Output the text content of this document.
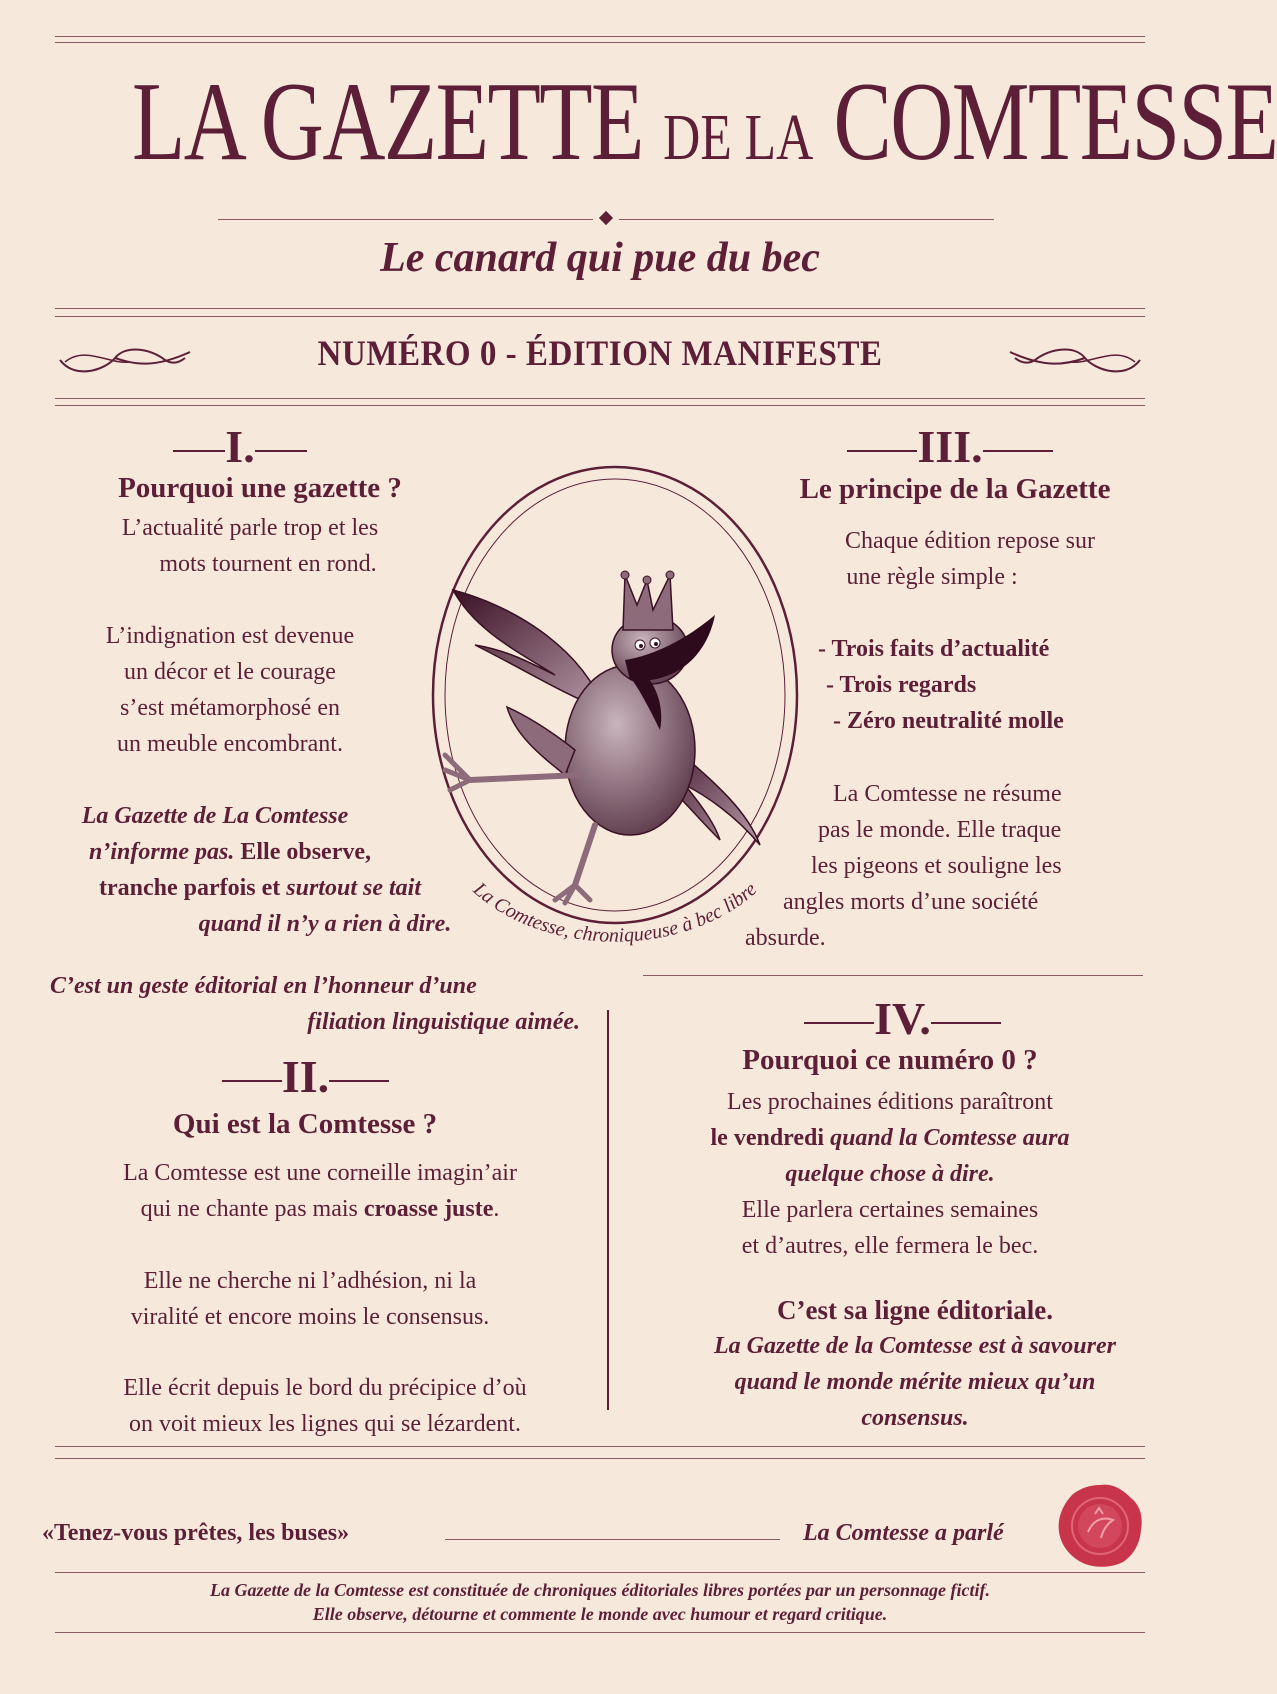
LA GAZETTE DE LA COMTESSE
Le canard qui pue du bec
NUMÉRO 0 - ÉDITION MANIFESTE
I.
Pourquoi une gazette ?
L’actualité parle trop et les
mots tournent en rond.
L’indignation est devenue
un décor et le courage
s’est métamorphosé en
un meuble encombrant.
La Gazette de La Comtesse
n’informe pas. Elle observe,
tranche parfois et surtout se tait
quand il n’y a rien à dire.
C’est un geste éditorial en l’honneur d’une
filiation linguistique aimée.
La Comtesse, chroniqueuse à bec libre
III.
Le principe de la Gazette
Chaque édition repose sur
une règle simple :
- Trois faits d’actualité
- Trois regards
- Zéro neutralité molle
La Comtesse ne résume
pas le monde. Elle traque
les pigeons et souligne les
angles morts d’une société
absurde.
II.
Qui est la Comtesse ?
La Comtesse est une corneille imagin’air
qui ne chante pas mais croasse juste.
Elle ne cherche ni l’adhésion, ni la
viralité et encore moins le consensus.
Elle écrit depuis le bord du précipice d’où
on voit mieux les lignes qui se lézardent.
IV.
Pourquoi ce numéro 0 ?
Les prochaines éditions paraîtront
le vendredi quand la Comtesse aura
quelque chose à dire.
Elle parlera certaines semaines
et d’autres, elle fermera le bec.
C’est sa ligne éditoriale.
La Gazette de la Comtesse est à savourer
quand le monde mérite mieux qu’un
consensus.
«Tenez-vous prêtes, les buses»	La Comtesse a parlé
La Gazette de la Comtesse est constituée de chroniques éditoriales libres portées par un personnage fictif.
Elle observe, détourne et commente le monde avec humour et regard critique.
